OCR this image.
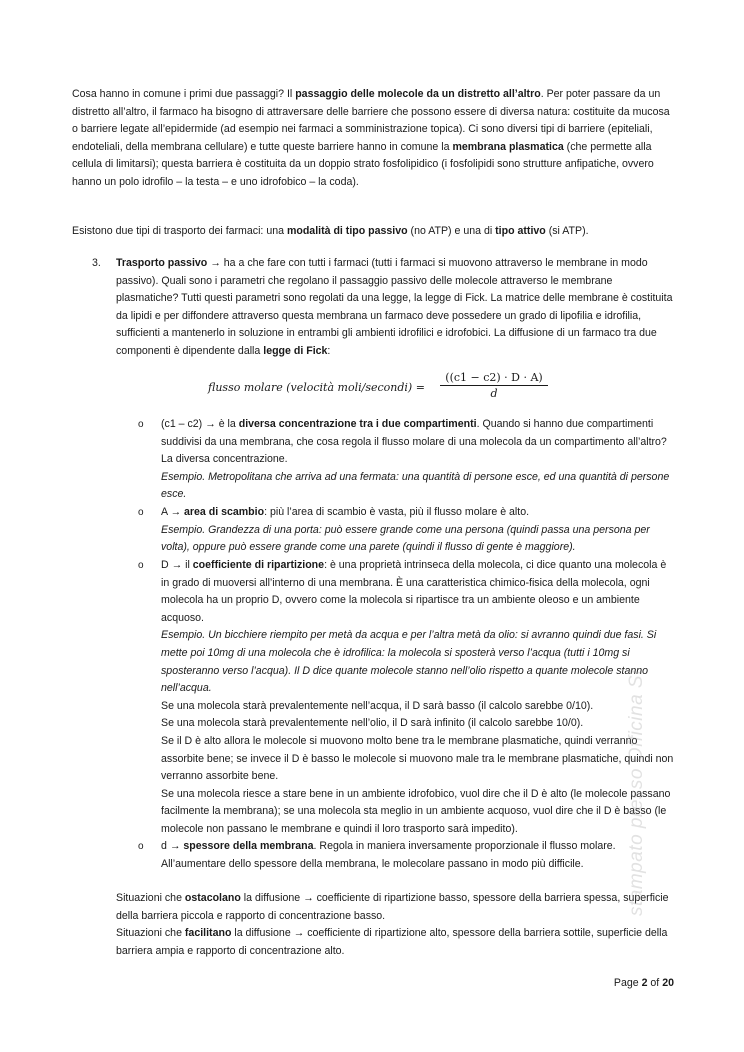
Cosa hanno in comune i primi due passaggi? Il passaggio delle molecole da un distretto all’altro. Per poter passare da un distretto all’altro, il farmaco ha bisogno di attraversare delle barriere che possono essere di diversa natura: costituite da mucosa o barriere legate all’epidermide (ad esempio nei farmaci a somministrazione topica). Ci sono diversi tipi di barriere (epiteliali, endoteliali, della membrana cellulare) e tutte queste barriere hanno in comune la membrana plasmatica (che permette alla cellula di limitarsi); questa barriera è costituita da un doppio strato fosfolipidico (i fosfolipidi sono strutture anfipatiche, ovvero hanno un polo idrofilo – la testa – e uno idrofobico – la coda).

Esistono due tipi di trasporto dei farmaci: una modalità di tipo passivo (no ATP) e una di tipo attivo (si ATP).

3. Trasporto passivo → ha a che fare con tutti i farmaci (tutti i farmaci si muovono attraverso le membrane in modo passivo). Quali sono i parametri che regolano il passaggio passivo delle molecole attraverso le membrane plasmatiche? Tutti questi parametri sono regolati da una legge, la legge di Fick. La matrice delle membrane è costituita da lipidi e per diffondere attraverso questa membrana un farmaco deve possedere un grado di lipofilia e idrofilia, sufficienti a mantenerlo in soluzione in entrambi gli ambienti idrofilici e idrofobici. La diffusione di un farmaco tra due componenti è dipendente dalla legge di Fick:

flusso molare (velocità moli/secondi) = $\frac{((c1 - c2) \cdot D \cdot A)}{d}$
o (c1 – c2) → è la diversa concentrazione tra i due compartimenti. Quando si hanno due compartimenti suddivisi da una membrana, che cosa regola il flusso molare di una molecola da un compartimento all’altro? La diversa concentrazione.
Esempio. Metropolitana che arriva ad una fermata: una quantità di persone esce, ed una quantità di persone esce.

o A → area di scambio: più l’area di scambio è vasta, più il flusso molare è alto.
Esempio. Grandezza di una porta: può essere grande come una persona (quindi passa una persona per volta), oppure può essere grande come una parete (quindi il flusso di gente è maggiore).

o D → il coefficiente di ripartizione: è una proprietà intrinseca della molecola, ci dice quanto una molecola è in grado di muoversi all’interno di una membrana. È una caratteristica chimico-fisica della molecola, ogni molecola ha un proprio D, ovvero come la molecola si ripartisce tra un ambiente oleoso e un ambiente acquoso.
Esempio. Un bicchiere riempito per metà da acqua e per l’altra metà da olio: si avranno quindi due fasi. Si mette poi 10mg di una molecola che è idrofilica: la molecola si sposterà verso l’acqua (tutti i 10mg si sposteranno verso l’acqua). Il D dice quante molecole stanno nell’olio rispetto a quante molecole stanno nell’acqua.
Se una molecola starà prevalentemente nell’acqua, il D sarà basso (il calcolo sarebbe 0/10).
Se una molecola starà prevalentemente nell’olio, il D sarà infinito (il calcolo sarebbe 10/0).
Se il D è alto allora le molecole si muovono molto bene tra le membrane plasmatiche, quindi verranno assorbite bene; se invece il D è basso le molecole si muovono male tra le membrane plasmatiche, quindi non verranno assorbite bene.
Se una molecola riesce a stare bene in un ambiente idrofobico, vuol dire che il D è alto (le molecole passano facilmente la membrana); se una molecola sta meglio in un ambiente acquoso, vuol dire che il D è basso (le molecole non passano le membrane e quindi il loro trasporto sarà impedito).

o d → spessore della membrana. Regola in maniera inversamente proporzionale il flusso molare. All’aumentare dello spessore della membrana, le molecolare passano in modo più difficile.

Situazioni che ostacolano la diffusione → coefficiente di ripartizione basso, spessore della barriera spessa, superficie della barriera piccola e rapporto di concentrazione basso.
Situazioni che facilitano la diffusione → coefficiente di ripartizione alto, spessore della barriera sottile, superficie della barriera ampia e rapporto di concentrazione alto.

Page 2 of 20
stampato presso Officina SI
